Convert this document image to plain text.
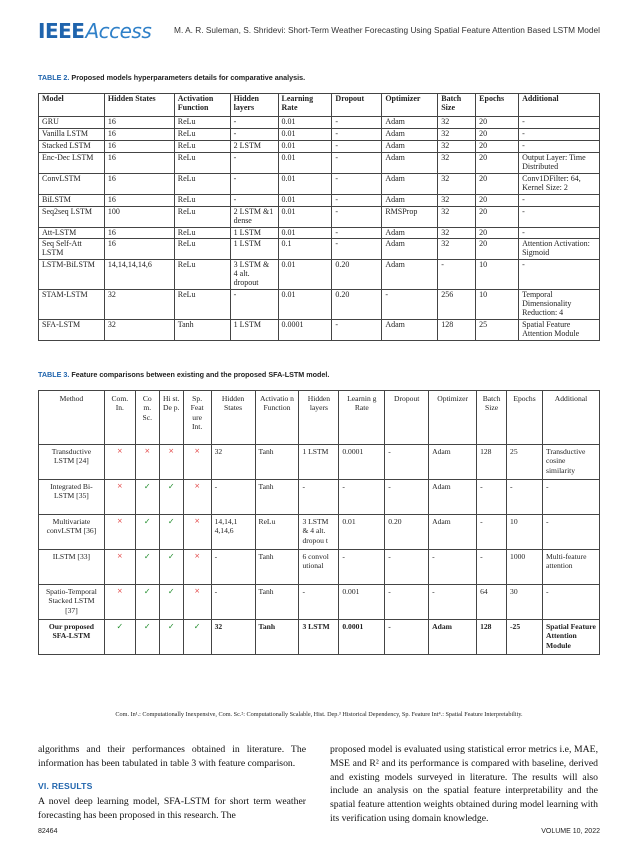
IEEEAccess	M. A. R. Suleman, S. Shridevi: Short-Term Weather Forecasting Using Spatial Feature Attention Based LSTM Model
TABLE 2. Proposed models hyperparameters details for comparative analysis.
Model	Hidden States	Activation Function	Hidden layers	Learning Rate	Dropout	Optimizer	Batch Size	Epochs	Additional
GRU	16	ReLu	-	0.01	-	Adam	32	20	-
Vanilla LSTM	16	ReLu	-	0.01	-	Adam	32	20	-
Stacked LSTM	16	ReLu	2 LSTM	0.01	-	Adam	32	20	-
Enc-Dec LSTM	16	ReLu	-	0.01	-	Adam	32	20	Output Layer: Time Distributed
ConvLSTM	16	ReLu	-	0.01	-	Adam	32	20	Conv1DFilter: 64, Kernel Size: 2
BiLSTM	16	ReLu	-	0.01	-	Adam	32	20	-
Seq2seq LSTM	100	ReLu	2 LSTM &1 dense	0.01	-	RMSProp	32	20	-
Att-LSTM	16	ReLu	1 LSTM	0.01	-	Adam	32	20	-
Seq Self-Att LSTM	16	ReLu	1 LSTM	0.1	-	Adam	32	20	Attention Activation: Sigmoid
LSTM-BiLSTM	14,14,14,14,6	ReLu	3 LSTM & 4 alt. dropout	0.01	0.20	Adam	-	10	-
STAM-LSTM	32	ReLu	-	0.01	0.20	-	256	10	Temporal Dimensionality Reduction: 4
SFA-LSTM	32	Tanh	1 LSTM	0.0001	-	Adam	128	25	Spatial Feature Attention Module
TABLE 3. Feature comparisons between existing and the proposed SFA-LSTM model.
Method	Com. In.	Co m. Sc.	Hi st. De p.	Sp. Feat ure Int.	Hidden States	Activatio n Function	Hidden layers	Learnin g Rate	Dropout	Optimizer	Batch Size	Epochs	Additional
Transductive LSTM [24]	×	×	×	×	32	Tanh	1 LSTM	0.0001	-	Adam	128	25	Transductive cosine similarity
Integrated Bi-LSTM [35]	×	✓	✓	×	-	Tanh	-	-	-	Adam	-	-	-
Multivariate convLSTM [36]	×	✓	✓	×	14,14,1 4,14,6	ReLu	3 LSTM & 4 alt. dropou t	0.01	0.20	Adam	-	10	-
ILSTM [33]	×	✓	✓	×	-	Tanh	6 convol utional	-	-	-	-	1000	Multi-feature attention
Spatio-Temporal Stacked LSTM [37]	×	✓	✓	×	-	Tanh	-	0.001	-	-	64	30	-
Our proposed SFA-LSTM	✓	✓	✓	✓	32	Tanh	3 LSTM	0.0001	-	Adam	128	-25	Spatial Feature Attention Module
Com. In¹.: Computationally Inexpensive, Com. Sc.²: Computationally Scalable, Hist. Dep.³ Historical Dependency, Sp. Feature Int⁴.: Spatial Feature Interpretability.

algorithms and their performances obtained in literature. The information has been tabulated in table 3 with feature comparison.

VI. RESULTS

A novel deep learning model, SFA-LSTM for short term weather forecasting has been proposed in this research. The

proposed model is evaluated using statistical error metrics i.e, MAE, MSE and R² and its performance is compared with baseline, derived and existing models surveyed in literature. The results will also include an analysis on the spatial feature interpretability and the spatial feature attention weights obtained during model learning with its verification using domain knowledge.

82464	VOLUME 10, 2022
